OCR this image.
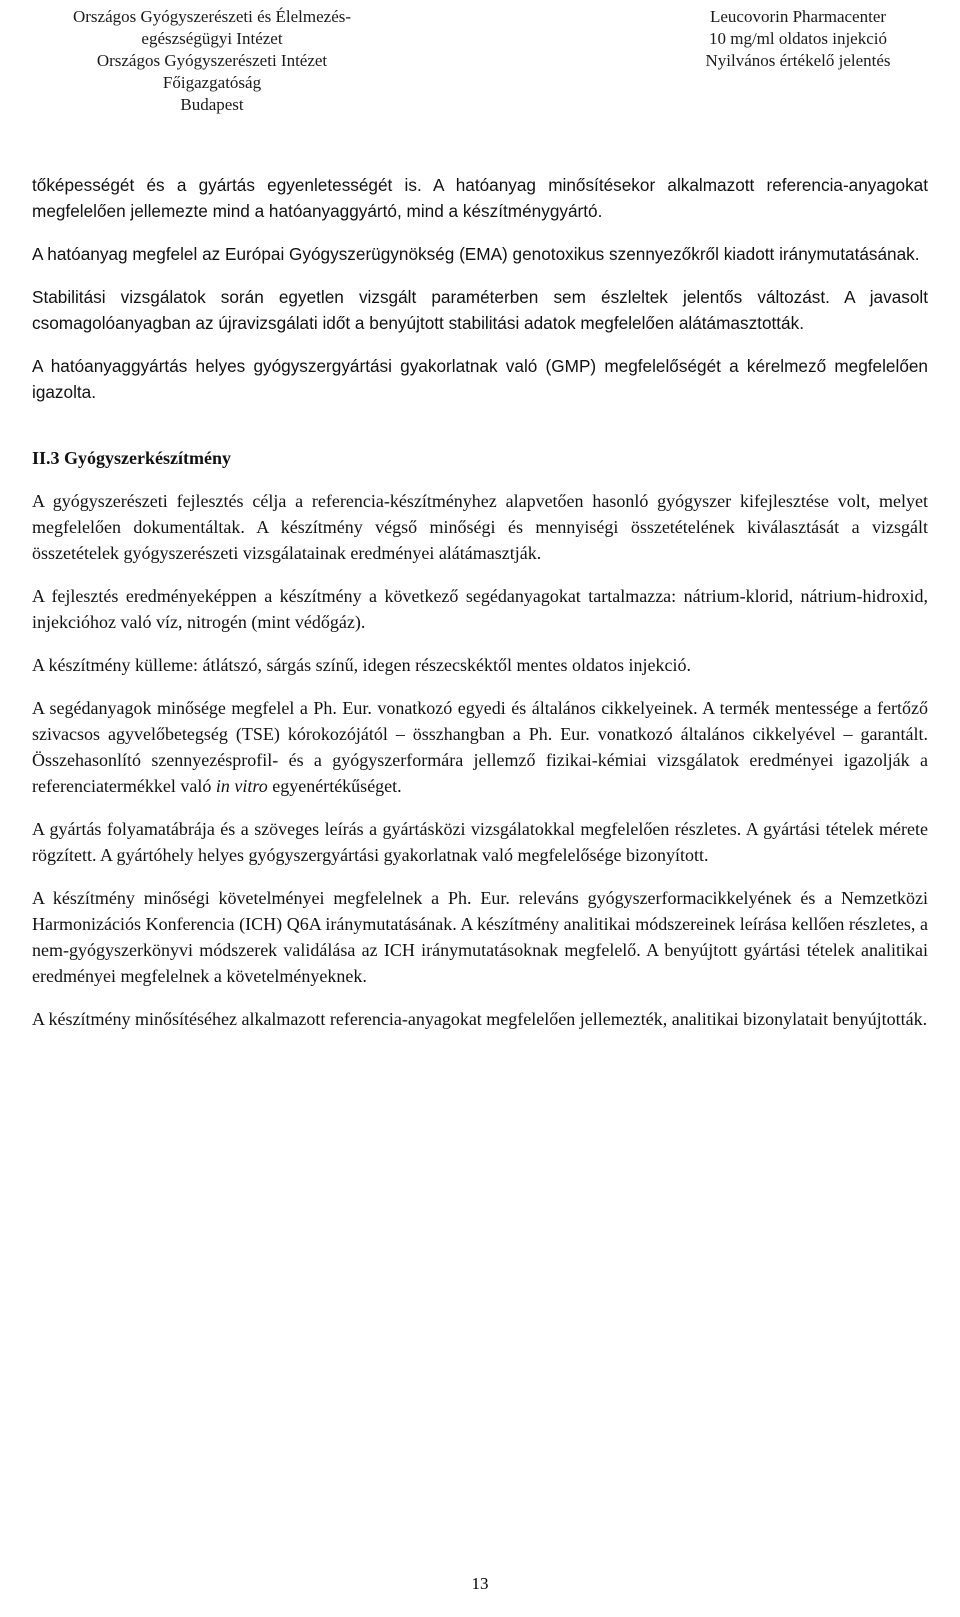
Országos Gyógyszerészeti és Élelmezés-
egészségügyi Intézet
Országos Gyógyszerészeti Intézet
Főigazgatóság
Budapest
Leucovorin Pharmacenter
10 mg/ml oldatos injekció
Nyilvános értékelő jelentés

tőképességét és a gyártás egyenletességét is. A hatóanyag minősítésekor alkalmazott referencia-anyagokat megfelelően jellemezte mind a hatóanyaggyártó, mind a készítménygyártó.

A hatóanyag megfelel az Európai Gyógyszerügynökség (EMA) genotoxikus szennyezőkről kiadott iránymutatásának.

Stabilitási vizsgálatok során egyetlen vizsgált paraméterben sem észleltek jelentős változást. A javasolt csomagolóanyagban az újravizsgálati időt a benyújtott stabilitási adatok megfelelően alátámasztották.

A hatóanyaggyártás helyes gyógyszergyártási gyakorlatnak való (GMP) megfelelőségét a kérelmező megfelelően igazolta.

II.3 Gyógyszerkészítmény

A gyógyszerészeti fejlesztés célja a referencia-készítményhez alapvetően hasonló gyógyszer kifejlesztése volt, melyet megfelelően dokumentáltak. A készítmény végső minőségi és mennyiségi összetételének kiválasztását a vizsgált összetételek gyógyszerészeti vizsgálatainak eredményei alátámasztják.

A fejlesztés eredményeképpen a készítmény a következő segédanyagokat tartalmazza: nátrium-klorid, nátrium-hidroxid, injekcióhoz való víz, nitrogén (mint védőgáz).

A készítmény külleme: átlátszó, sárgás színű, idegen részecskéktől mentes oldatos injekció.

A segédanyagok minősége megfelel a Ph. Eur. vonatkozó egyedi és általános cikkelyeinek. A termék mentessége a fertőző szivacsos agyvelőbetegség (TSE) kórokozójától – összhangban a Ph. Eur. vonatkozó általános cikkelyével – garantált. Összehasonlító szennyezésprofil- és a gyógyszerformára jellemző fizikai-kémiai vizsgálatok eredményei igazolják a referenciatermékkel való in vitro egyenértékűséget.

A gyártás folyamatábrája és a szöveges leírás a gyártásközi vizsgálatokkal megfelelően részletes. A gyártási tételek mérete rögzített. A gyártóhely helyes gyógyszergyártási gyakorlatnak való megfelelősége bizonyított.

A készítmény minőségi követelményei megfelelnek a Ph. Eur. releváns gyógyszerformacikkelyének és a Nemzetközi Harmonizációs Konferencia (ICH) Q6A iránymutatásának. A készítmény analitikai módszereinek leírása kellően részletes, a nem-gyógyszerkönyvi módszerek validálása az ICH iránymutatásoknak megfelelő. A benyújtott gyártási tételek analitikai eredményei megfelelnek a követelményeknek.

A készítmény minősítéséhez alkalmazott referencia-anyagokat megfelelően jellemezték, analitikai bizonylatait benyújtották.

13
